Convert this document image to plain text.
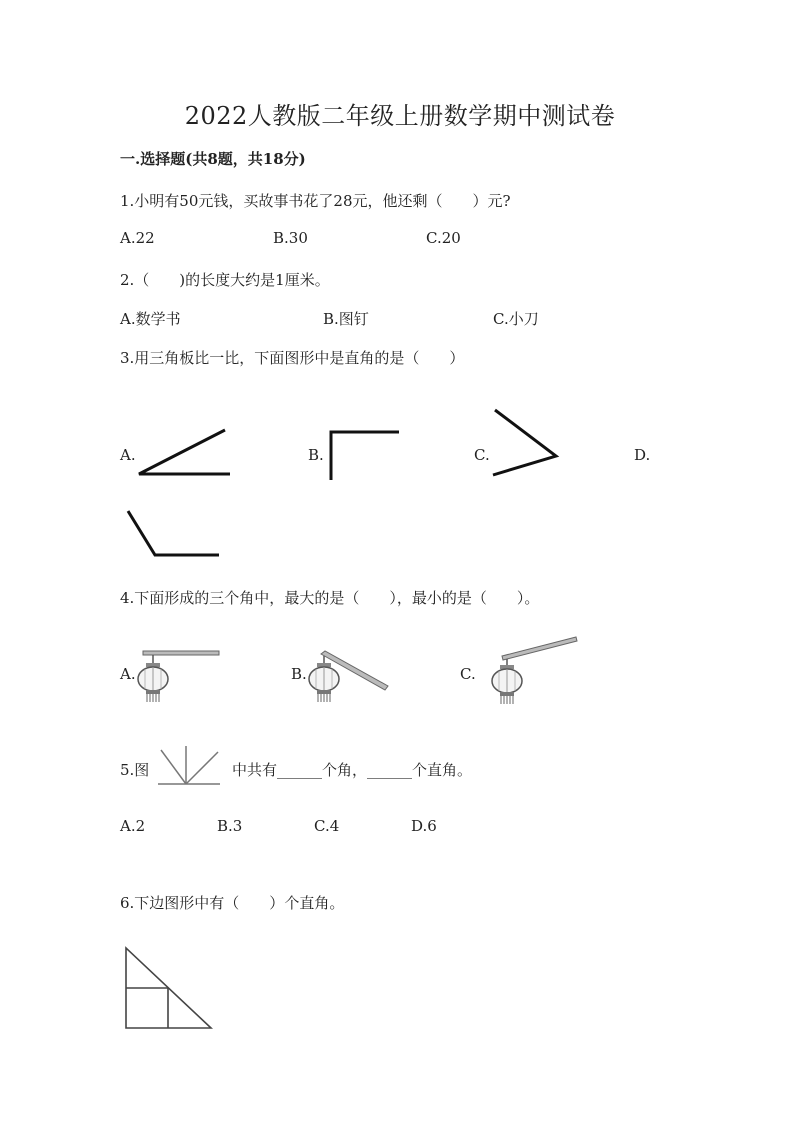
2022人教版二年级上册数学期中测试卷
一.选择题(共8题，共18分)
1.小明有50元钱，买故事书花了28元，他还剩（　　）元?
A.22	B.30	C.20
2.（　　)的长度大约是1厘米。
A.数学书	B.图钉	C.小刀
3.用三角板比一比，下面图形中是直角的是（　　）
A.	B.	C.	D.
4.下面形成的三个角中，最大的是（　　），最小的是（　　）。
A.	B.	C.
5.图	中共有______个角，______个直角。
A.2	B.3	C.4	D.6
6.下边图形中有（　　）个直角。
